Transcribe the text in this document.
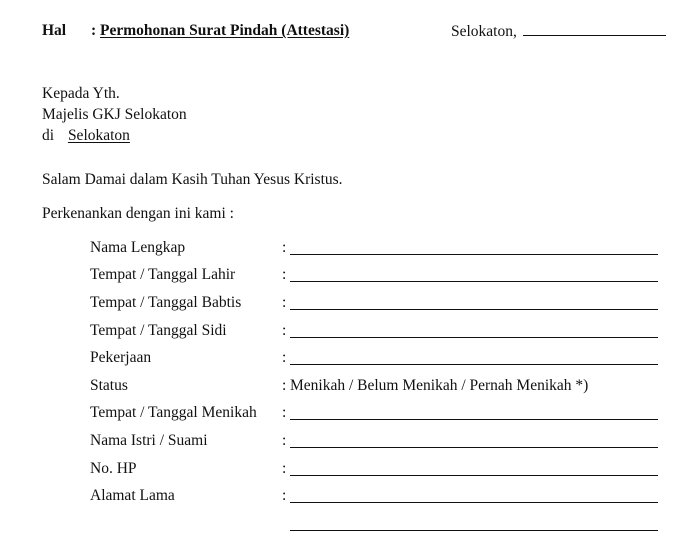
Hal : Permohonan Surat Pindah (Attestasi)	Selokaton,
Kepada Yth.
Majelis GKJ Selokaton
di Selokaton
Salam Damai dalam Kasih Tuhan Yesus Kristus.
Perkenankan dengan ini kami :
Nama Lengkap	:
Tempat / Tanggal Lahir	:
Tempat / Tanggal Babtis	:
Tempat / Tanggal Sidi	:
Pekerjaan	:
Status	: Menikah / Belum Menikah / Pernah Menikah *)
Tempat / Tanggal Menikah :
Nama Istri / Suami	:
No. HP	:
Alamat Lama	:
